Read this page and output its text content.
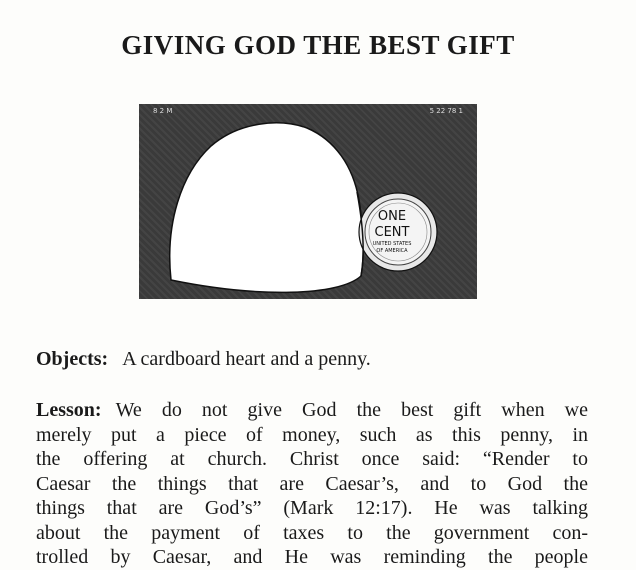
GIVING GOD THE BEST GIFT
8 2 M	5 22 78 1
ONE
CENT
UNITED STATES
OF AMERICA
Objects: A cardboard heart and a penny.
Lesson: We do not give God the best gift when we
merely put a piece of money, such as this penny, in
the offering at church. Christ once said: “Render to
Caesar the things that are Caesar’s, and to God the
things that are God’s” (Mark 12:17). He was talking
about the payment of taxes to the government con-
trolled by Caesar, and He was reminding the people
